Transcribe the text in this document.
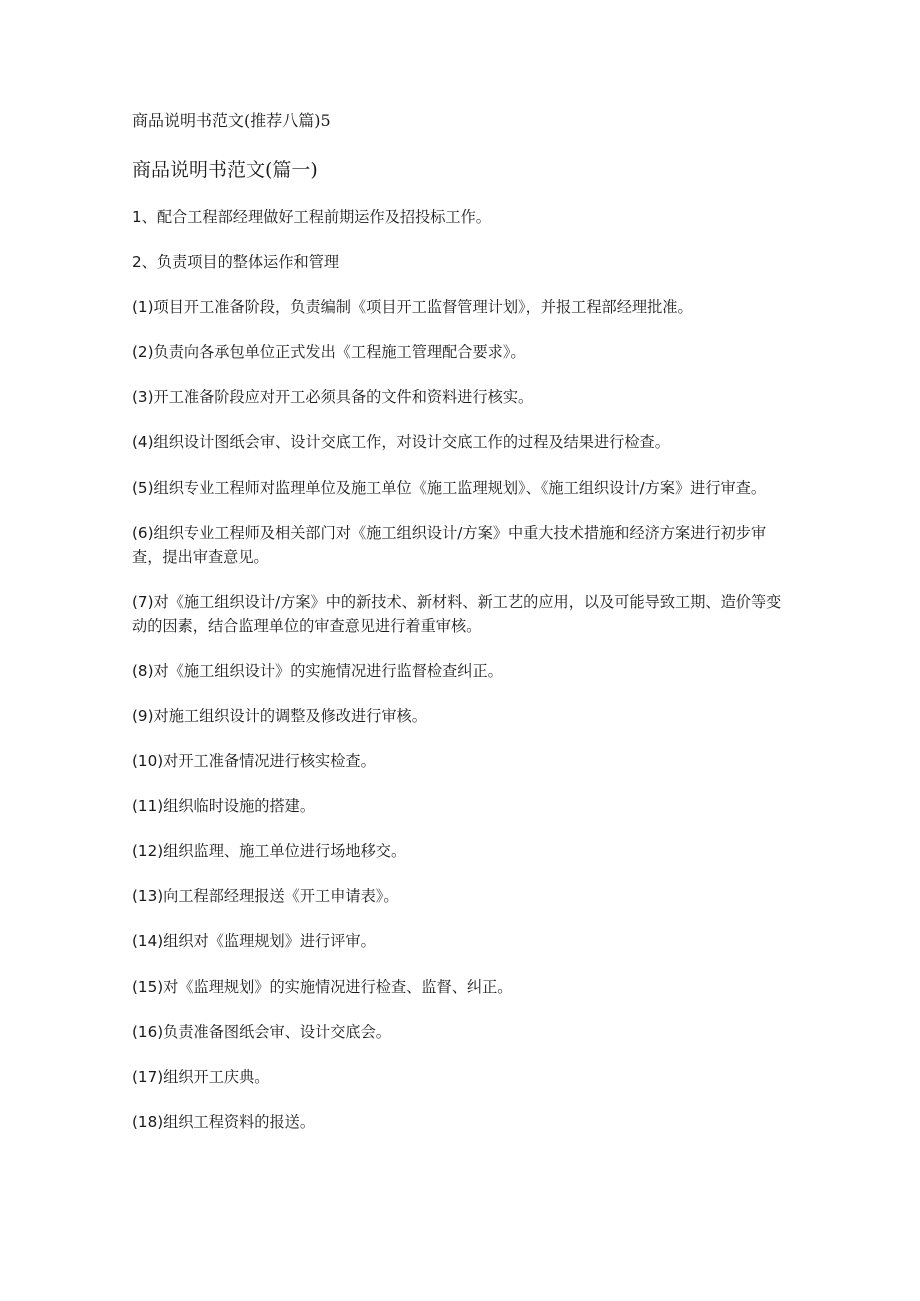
商品说明书范文(推荐八篇)5
商品说明书范文(篇一)

1、配合工程部经理做好工程前期运作及招投标工作。

2、负责项目的整体运作和管理

(1)项目开工准备阶段，负责编制《项目开工监督管理计划》，并报工程部经理批准。

(2)负责向各承包单位正式发出《工程施工管理配合要求》。

(3)开工准备阶段应对开工必须具备的文件和资料进行核实。

(4)组织设计图纸会审、设计交底工作，对设计交底工作的过程及结果进行检查。

(5)组织专业工程师对监理单位及施工单位《施工监理规划》、《施工组织设计/方案》进行审查。

(6)组织专业工程师及相关部门对《施工组织设计/方案》中重大技术措施和经济方案进行初步审查，提出审查意见。

(7)对《施工组织设计/方案》中的新技术、新材料、新工艺的应用，以及可能导致工期、造价等变动的因素，结合监理单位的审查意见进行着重审核。

(8)对《施工组织设计》的实施情况进行监督检查纠正。

(9)对施工组织设计的调整及修改进行审核。

(10)对开工准备情况进行核实检查。

(11)组织临时设施的搭建。

(12)组织监理、施工单位进行场地移交。

(13)向工程部经理报送《开工申请表》。

(14)组织对《监理规划》进行评审。

(15)对《监理规划》的实施情况进行检查、监督、纠正。

(16)负责准备图纸会审、设计交底会。

(17)组织开工庆典。

(18)组织工程资料的报送。
